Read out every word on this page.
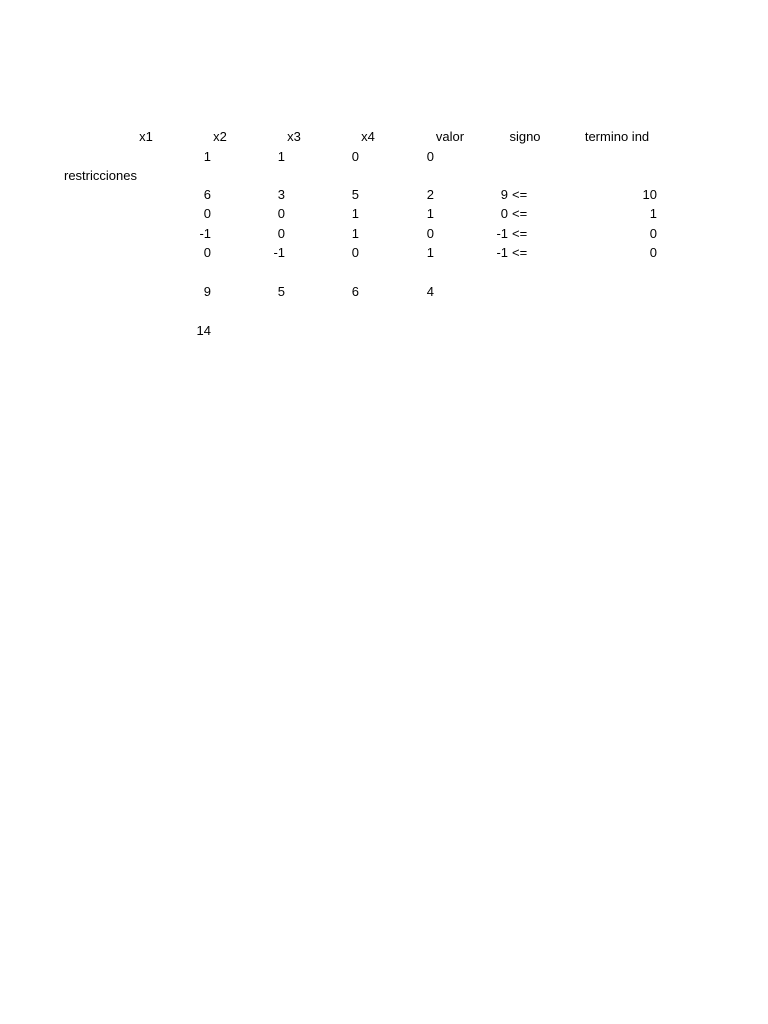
x1	x2	x3	x4	valor	signo	termino ind
1	1	0	0
restricciones
6	3	5	2	9 <=	10
0	0	1	1	0 <=	1
-1	0	1	0	-1 <=	0
0	-1	0	1	-1 <=	0
9	5	6	4
14
